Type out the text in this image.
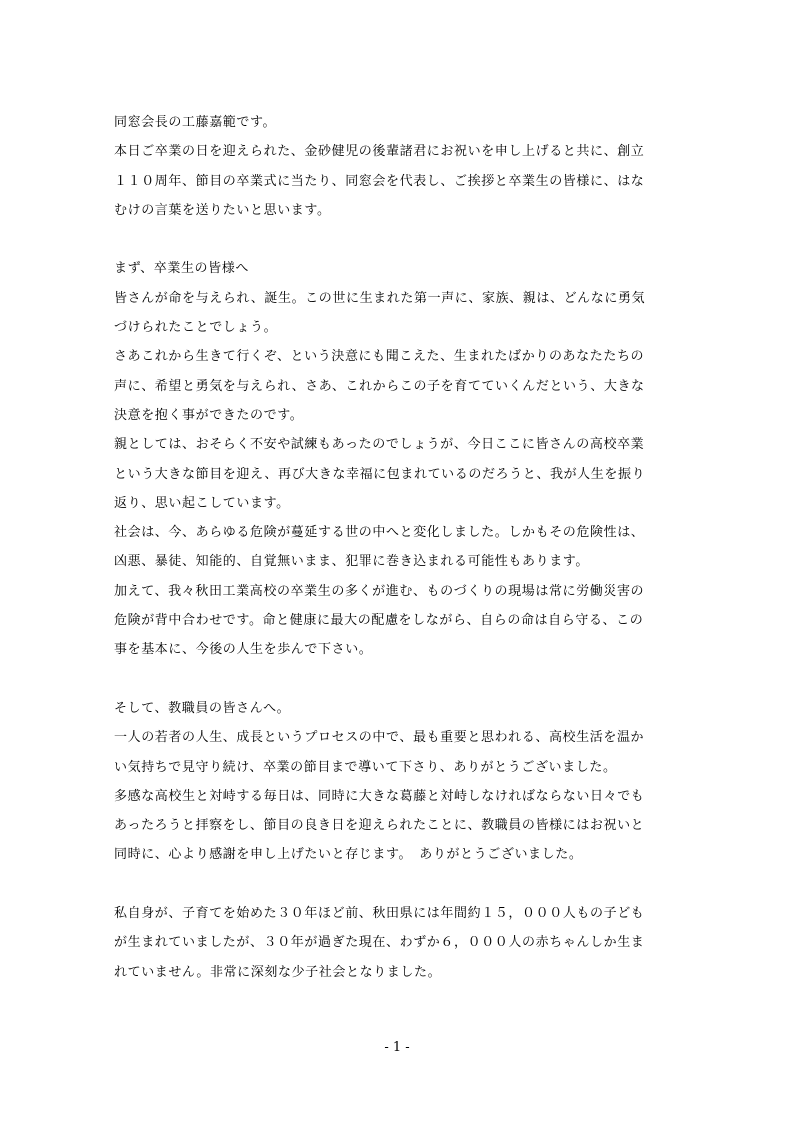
同窓会長の工藤嘉範です。
本日ご卒業の日を迎えられた、金砂健児の後輩諸君にお祝いを申し上げると共に、創立
１１０周年、節目の卒業式に当たり、同窓会を代表し、ご挨拶と卒業生の皆様に、はな
むけの言葉を送りたいと思います。
まず、卒業生の皆様へ
皆さんが命を与えられ、誕生。この世に生まれた第一声に、家族、親は、どんなに勇気
づけられたことでしょう。
さあこれから生きて行くぞ、という決意にも聞こえた、生まれたばかりのあなたたちの
声に、希望と勇気を与えられ、さあ、これからこの子を育てていくんだという、大きな
決意を抱く事ができたのです。
親としては、おそらく不安や試練もあったのでしょうが、今日ここに皆さんの高校卒業
という大きな節目を迎え、再び大きな幸福に包まれているのだろうと、我が人生を振り
返り、思い起こしています。
社会は、今、あらゆる危険が蔓延する世の中へと変化しました。しかもその危険性は、
凶悪、暴徒、知能的、自覚無いまま、犯罪に巻き込まれる可能性もあります。
加えて、我々秋田工業高校の卒業生の多くが進む、ものづくりの現場は常に労働災害の
危険が背中合わせです。命と健康に最大の配慮をしながら、自らの命は自ら守る、この
事を基本に、今後の人生を歩んで下さい。
そして、教職員の皆さんへ。
一人の若者の人生、成長というプロセスの中で、最も重要と思われる、高校生活を温か
い気持ちで見守り続け、卒業の節目まで導いて下さり、ありがとうございました。
多感な高校生と対峙する毎日は、同時に大きな葛藤と対峙しなければならない日々でも
あったろうと拝察をし、節目の良き日を迎えられたことに、教職員の皆様にはお祝いと
同時に、心より感謝を申し上げたいと存じます。　ありがとうございました。
私自身が、子育てを始めた３０年ほど前、秋田県には年間約１５，０００人もの子ども
が生まれていましたが、３０年が過ぎた現在、わずか６，０００人の赤ちゃんしか生ま
れていません。非常に深刻な少子社会となりました。
- 1 -
